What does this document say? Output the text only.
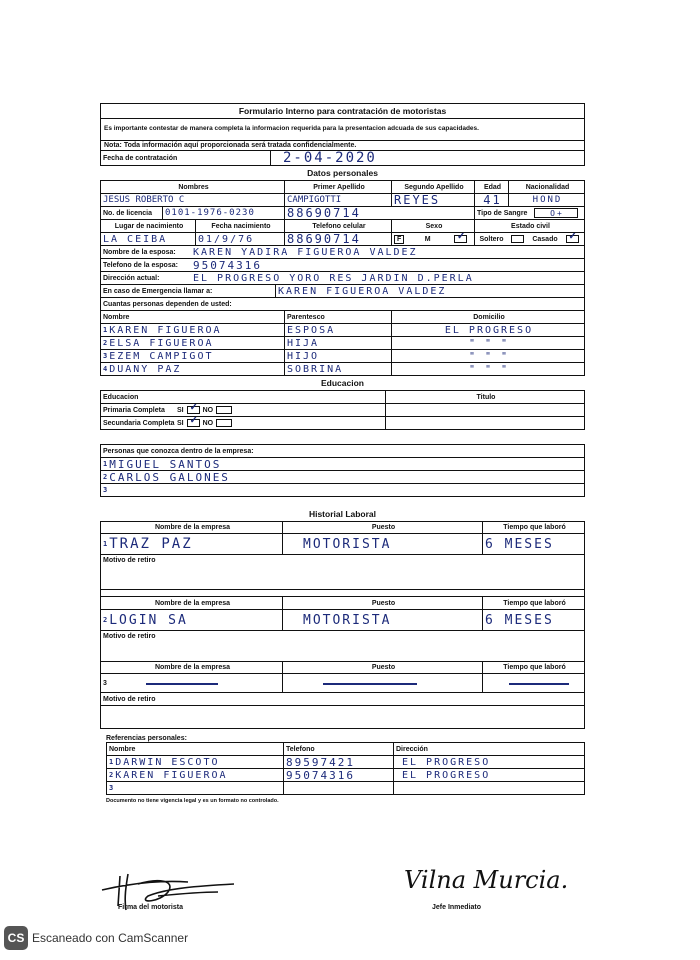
Formulario Interno para contratación de motoristas
Es importante contestar de manera completa la informacion requerida para la presentacion adcuada de sus capacidades.
Nota: Toda información aquí proporcionada será tratada confidencialmente.
Fecha de contratación	2-04-2020
Datos personales
Nombres	Primer Apellido	Segundo Apellido	Edad	Nacionalidad
JESUS ROBERTO C	CAMPIGOTTI	REYES	41	HOND
No. de licencia	0101-1976-0230	88690714	Tipo de Sangre	O+
Lugar de nacimiento	Fecha nacimiento	Telefono celular	Sexo	Estado civil
LA CEIBA	01/9/76	88690714	F	M	✓ Soltero	Casado ✓
Nombre de la esposa:	KAREN YADIRA FIGUEROA VALDEZ
Telefono de la esposa:	95074316
Dirección actual:	EL PROGRESO YORO RES JARDIN D.PERLA
En caso de Emergencia llamar a:	KAREN FIGUEROA VALDEZ
Cuantas personas dependen de usted:
Nombre	Parentesco	Domicilio
1 KAREN FIGUEROA	ESPOSA	EL PROGRESO
2 ELSA FIGUEROA	HIJA	" " "
3 EZEM CAMPIGOT	HIJO	" " "
4 DUANY PAZ	SOBRINA	" " "
Educacion
Educacion	Titulo
Primaria Completa	SI ✓ NO
Secundaria Completa SI ✓ NO
Personas que conozca dentro de la empresa:
1 MIGUEL SANTOS
2 CARLOS GALONES
3
Historial Laboral
Nombre de la empresa	Puesto	Tiempo que laboró
1 TRAZ PAZ	MOTORISTA	6 MESES
Motivo de retiro
Nombre de la empresa	Puesto	Tiempo que laboró
2 LOGIN SA	MOTORISTA	6 MESES
Motivo de retiro
Nombre de la empresa	Puesto	Tiempo que laboró
3
Motivo de retiro
Referencias personales:
Nombre	Telefono	Dirección
1 DARWIN ESCOTO	89597421	EL PROGRESO
2 KAREN FIGUEROA	95074316	EL PROGRESO
3
Documento no tiene vigencia legal y es un formato no controlado.
Firma del motorista
Vilna Murcia.
Jefe Inmediato
CS Escaneado con CamScanner
